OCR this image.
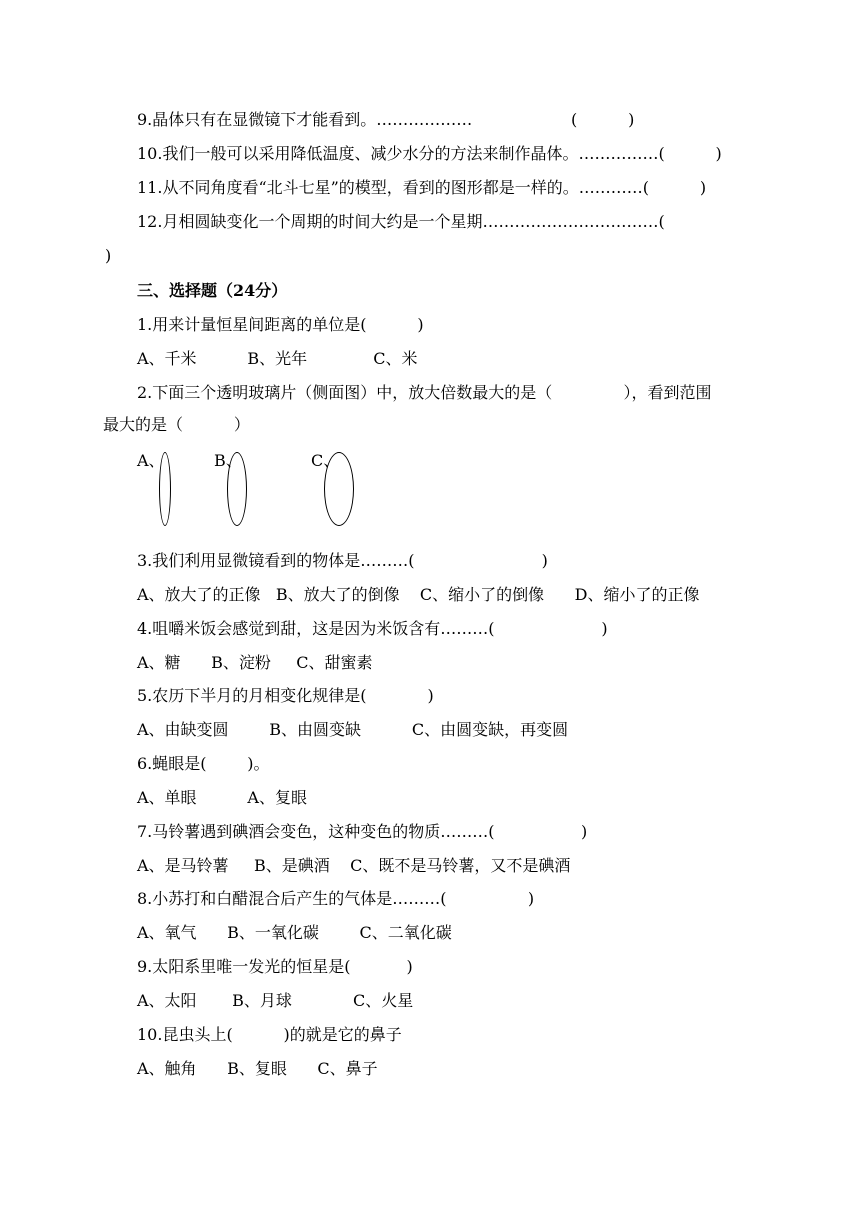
9.晶体只有在显微镜下才能看到。………………	(          )
10.我们一般可以采用降低温度、减少水分的方法来制作晶体。……………(          )
11.从不同角度看“北斗七星”的模型，看到的图形都是一样的。…………(          )
12.月相圆缺变化一个周期的时间大约是一个星期……………………………(
)
三、选择题（24分）
1.用来计量恒星间距离的单位是(          )
A、千米          B、光年             C、米
2.下面三个透明玻璃片（侧面图）中，放大倍数最大的是（              ），看到范围
最大的是（          ）
A、	B、	C、
3.我们利用显微镜看到的物体是………(                         )
A、放大了的正像   B、放大了的倒像    C、缩小了的倒像      D、缩小了的正像
4.咀嚼米饭会感觉到甜，这是因为米饭含有………(                     )
A、糖      B、淀粉     C、甜蜜素
5.农历下半月的月相变化规律是(            )
A、由缺变圆        B、由圆变缺          C、由圆变缺，再变圆
6.蝇眼是(        )。
A、单眼          A、复眼
7.马铃薯遇到碘酒会变色，这种变色的物质………(                 )
A、是马铃薯     B、是碘酒    C、既不是马铃薯，又不是碘酒
8.小苏打和白醋混合后产生的气体是………(                )
A、氧气      B、一氧化碳        C、二氧化碳
9.太阳系里唯一发光的恒星是(           )
A、太阳       B、月球            C、火星
10.昆虫头上(          )的就是它的鼻子
A、触角      B、复眼      C、鼻子
